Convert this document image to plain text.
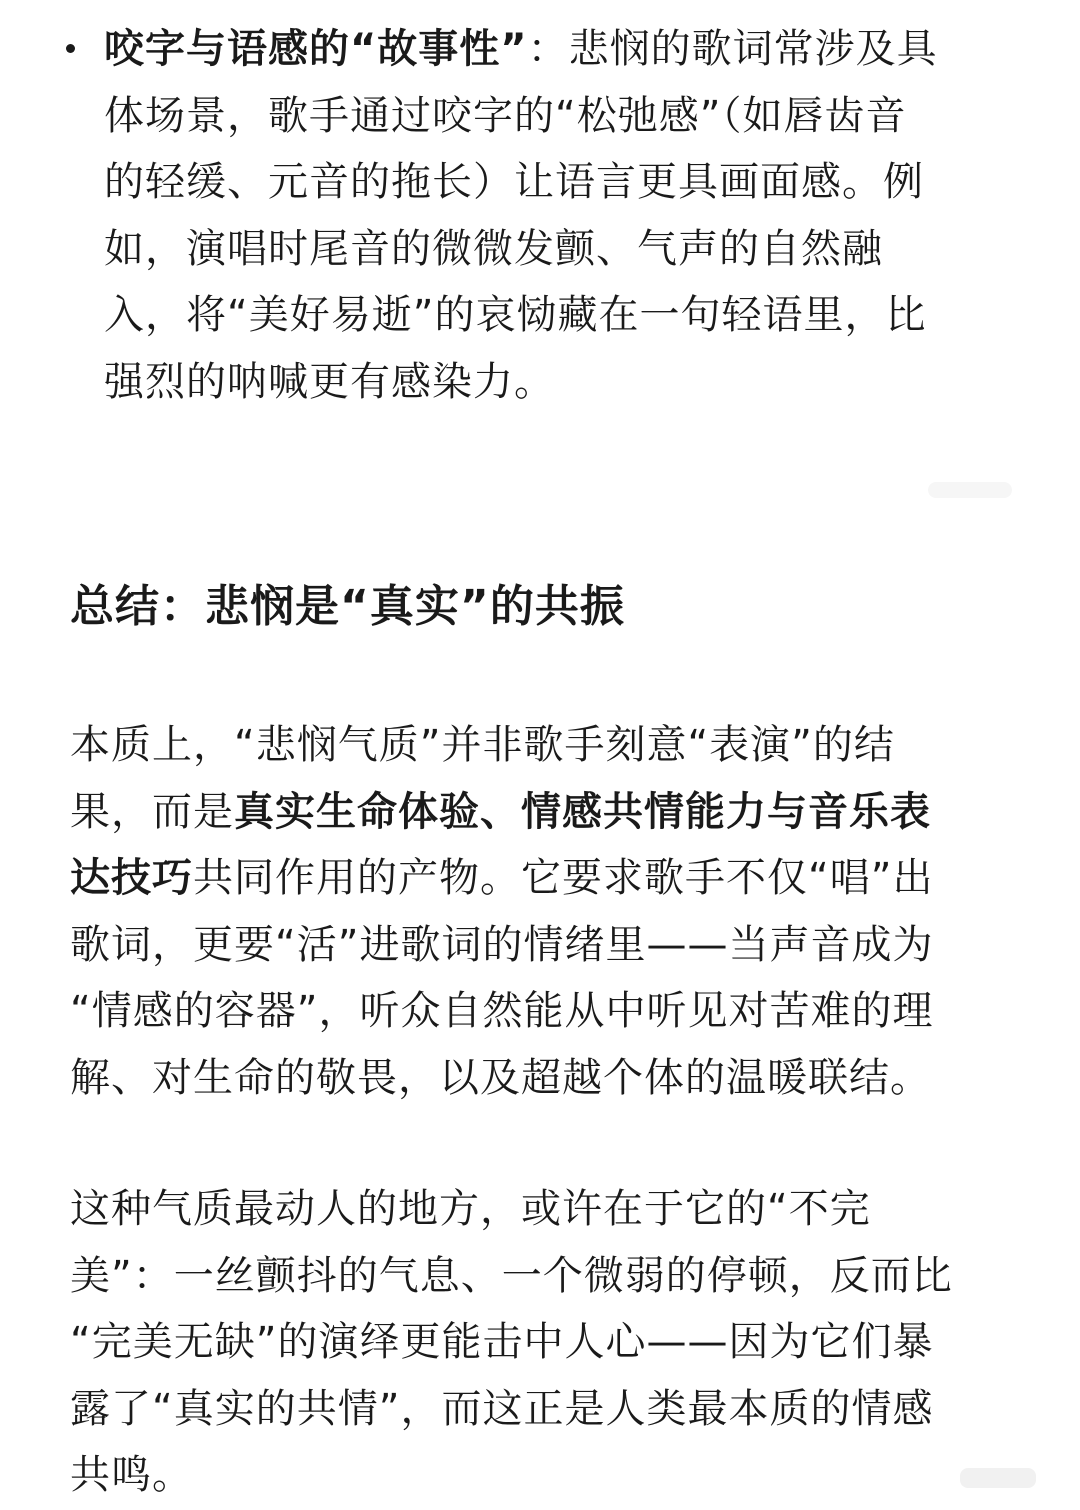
咬字与语感的“故事性”：悲悯的歌词常涉及具
体场景，歌手通过咬字的“松弛感”（如唇齿音
的轻缓、元音的拖长）让语言更具画面感。例
如，演唱时尾音的微微发颤、气声的自然融
入，将“美好易逝”的哀恸藏在一句轻语里，比
强烈的呐喊更有感染力。
总结：悲悯是“真实”的共振

本质上，“悲悯气质”并非歌手刻意“表演”的结
果，而是真实生命体验、情感共情能力与音乐表
达技巧共同作用的产物。它要求歌手不仅“唱”出
歌词，更要“活”进歌词的情绪里——当声音成为
“情感的容器”，听众自然能从中听见对苦难的理
解、对生命的敬畏，以及超越个体的温暖联结。

这种气质最动人的地方，或许在于它的“不完
美”：一丝颤抖的气息、一个微弱的停顿，反而比
“完美无缺”的演绎更能击中人心——因为它们暴
露了“真实的共情”，而这正是人类最本质的情感
共鸣。
